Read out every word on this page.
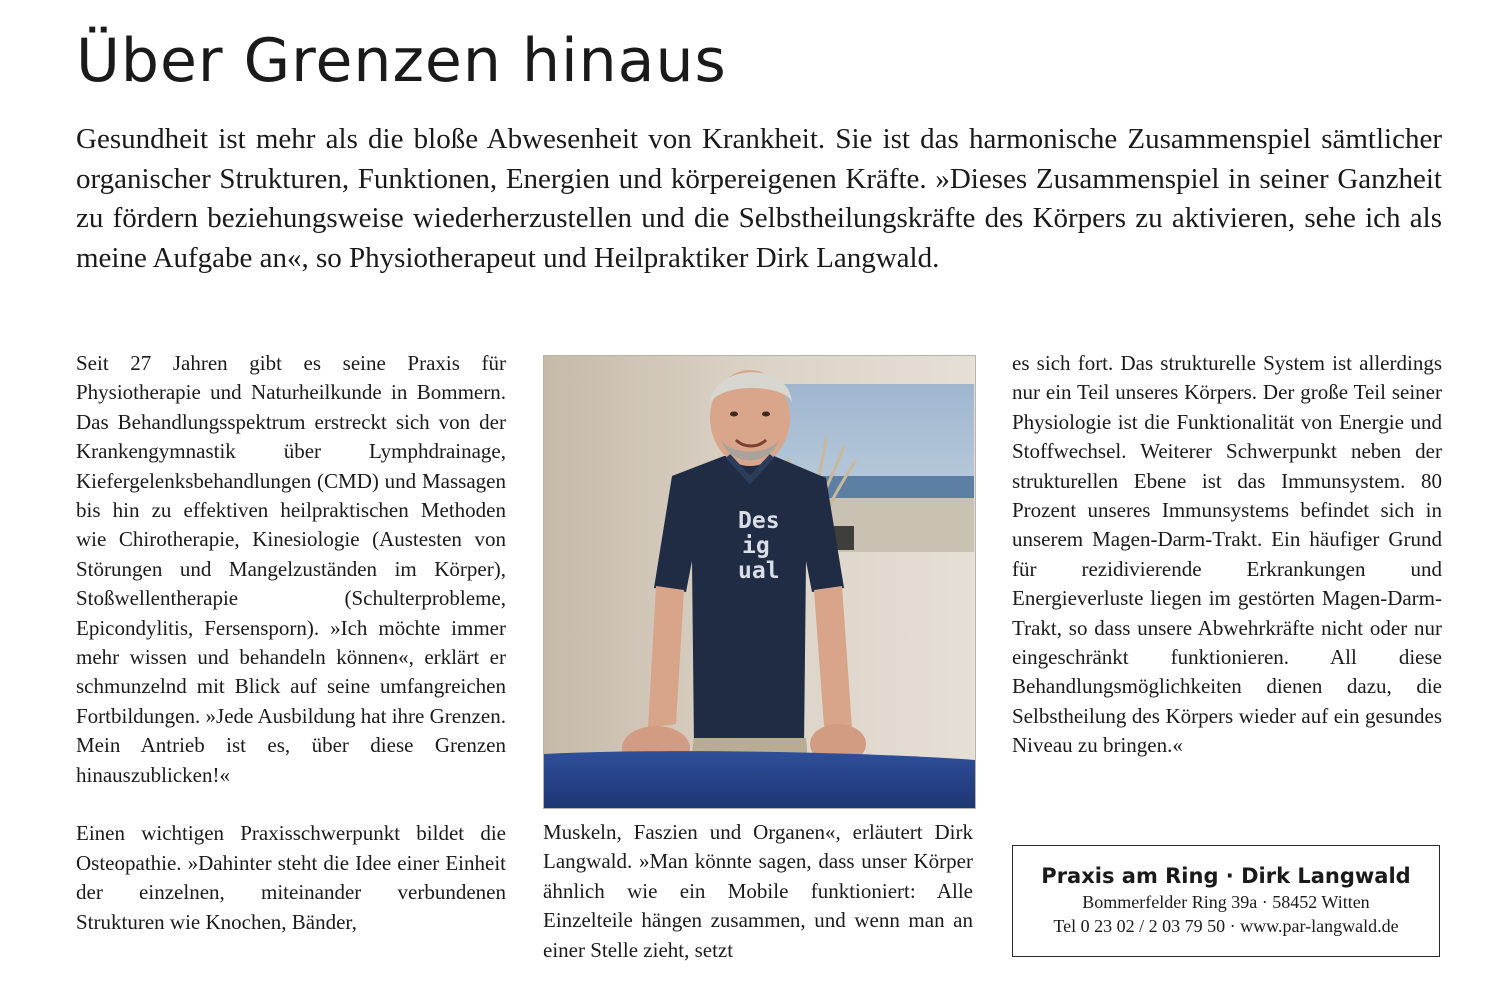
Über Grenzen hinaus

Gesundheit ist mehr als die bloße Abwesenheit von Krankheit. Sie ist das harmonische Zusammenspiel sämtlicher organischer Strukturen, Funktionen, Energien und körpereigenen Kräfte. »Dieses Zusammenspiel in seiner Ganzheit zu fördern beziehungsweise wiederherzustellen und die Selbstheilungskräfte des Körpers zu aktivieren, sehe ich als meine Aufgabe an«, so Physiotherapeut und Heilpraktiker Dirk Langwald.

Seit 27 Jahren gibt es seine Praxis für Physiotherapie und Naturheilkunde in Bommern. Das Behandlungsspektrum erstreckt sich von der Krankengymnastik über Lymphdrainage, Kiefergelenksbehandlungen (CMD) und Massagen bis hin zu effektiven heilpraktischen Methoden wie Chirotherapie, Kinesiologie (Austesten von Störungen und Mangelzuständen im Körper), Stoßwellentherapie (Schulterprobleme, Epicondylitis, Fersensporn). »Ich möchte immer mehr wissen und behandeln können«, erklärt er schmunzelnd mit Blick auf seine umfangreichen Fortbildungen. »Jede Ausbildung hat ihre Grenzen. Mein Antrieb ist es, über diese Grenzen hinauszublicken!«

Einen wichtigen Praxisschwerpunkt bildet die Osteopathie. »Dahinter steht die Idee einer Einheit der einzelnen, miteinander verbundenen Strukturen wie Knochen, Bänder,

Des
ig
ual

Muskeln, Faszien und Organen«, erläutert Dirk Langwald. »Man könnte sagen, dass unser Körper ähnlich wie ein Mobile funktioniert: Alle Einzelteile hängen zusammen, und wenn man an einer Stelle zieht, setzt

es sich fort. Das strukturelle System ist allerdings nur ein Teil unseres Körpers. Der große Teil seiner Physiologie ist die Funktionalität von Energie und Stoffwechsel. Weiterer Schwerpunkt neben der strukturellen Ebene ist das Immunsystem. 80 Prozent unseres Immunsystems befindet sich in unserem Magen-Darm-Trakt. Ein häufiger Grund für rezidivierende Erkrankungen und Energieverluste liegen im gestörten Magen-Darm-Trakt, so dass unsere Abwehrkräfte nicht oder nur eingeschränkt funktionieren. All diese Behandlungsmöglichkeiten dienen dazu, die Selbstheilung des Körpers wieder auf ein gesundes Niveau zu bringen.«

Praxis am Ring · Dirk Langwald
Bommerfelder Ring 39a · 58452 Witten
Tel 0 23 02 / 2 03 79 50 · www.par-langwald.de
